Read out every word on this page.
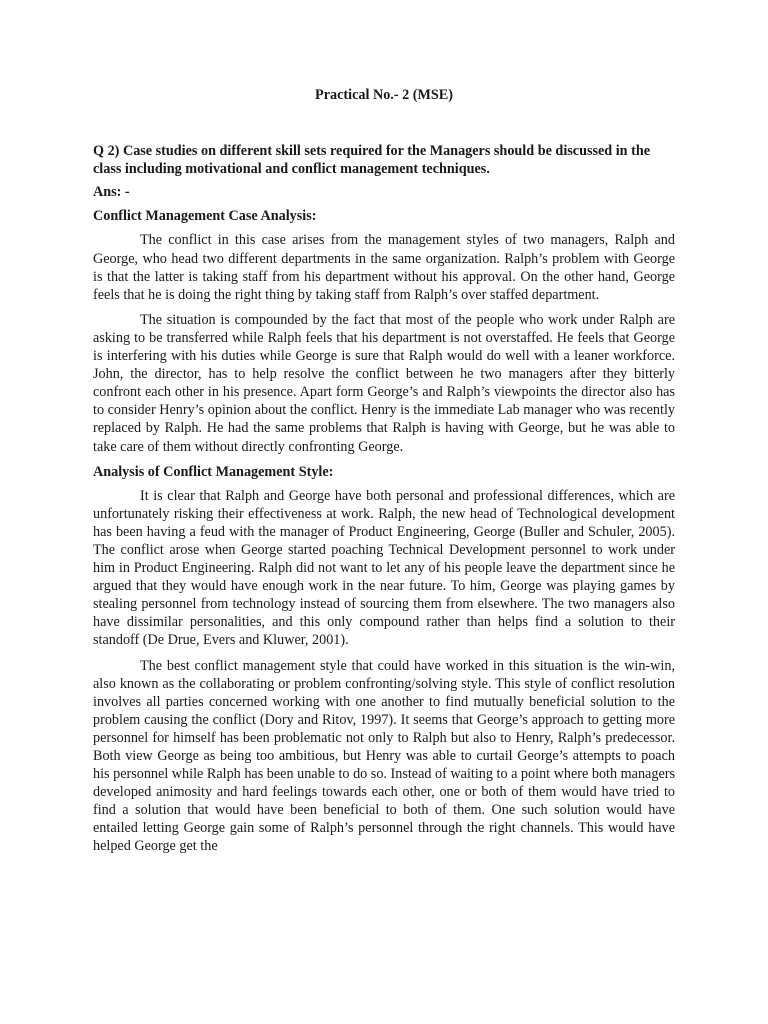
Practical No.- 2 (MSE)

Q 2) Case studies on different skill sets required for the Managers should be discussed in the class including motivational and conflict management techniques.

Ans: -

Conflict Management Case Analysis:

The conflict in this case arises from the management styles of two managers, Ralph and George, who head two different departments in the same organization. Ralph’s problem with George is that the latter is taking staff from his department without his approval. On the other hand, George feels that he is doing the right thing by taking staff from Ralph’s over staffed department.

The situation is compounded by the fact that most of the people who work under Ralph are asking to be transferred while Ralph feels that his department is not overstaffed. He feels that George is interfering with his duties while George is sure that Ralph would do well with a leaner workforce. John, the director, has to help resolve the conflict between he two managers after they bitterly confront each other in his presence. Apart form George’s and Ralph’s viewpoints the director also has to consider Henry’s opinion about the conflict. Henry is the immediate Lab manager who was recently replaced by Ralph. He had the same problems that Ralph is having with George, but he was able to take care of them without directly confronting George.

Analysis of Conflict Management Style:

It is clear that Ralph and George have both personal and professional differences, which are unfortunately risking their effectiveness at work. Ralph, the new head of Technological development has been having a feud with the manager of Product Engineering, George (Buller and Schuler, 2005). The conflict arose when George started poaching Technical Development personnel to work under him in Product Engineering. Ralph did not want to let any of his people leave the department since he argued that they would have enough work in the near future. To him, George was playing games by stealing personnel from technology instead of sourcing them from elsewhere. The two managers also have dissimilar personalities, and this only compound rather than helps find a solution to their standoff (De Drue, Evers and Kluwer, 2001).

The best conflict management style that could have worked in this situation is the win-win, also known as the collaborating or problem confronting/solving style. This style of conflict resolution involves all parties concerned working with one another to find mutually beneficial solution to the problem causing the conflict (Dory and Ritov, 1997). It seems that George’s approach to getting more personnel for himself has been problematic not only to Ralph but also to Henry, Ralph’s predecessor. Both view George as being too ambitious, but Henry was able to curtail George’s attempts to poach his personnel while Ralph has been unable to do so. Instead of waiting to a point where both managers developed animosity and hard feelings towards each other, one or both of them would have tried to find a solution that would have been beneficial to both of them. One such solution would have entailed letting George gain some of Ralph’s personnel through the right channels. This would have helped George get the
